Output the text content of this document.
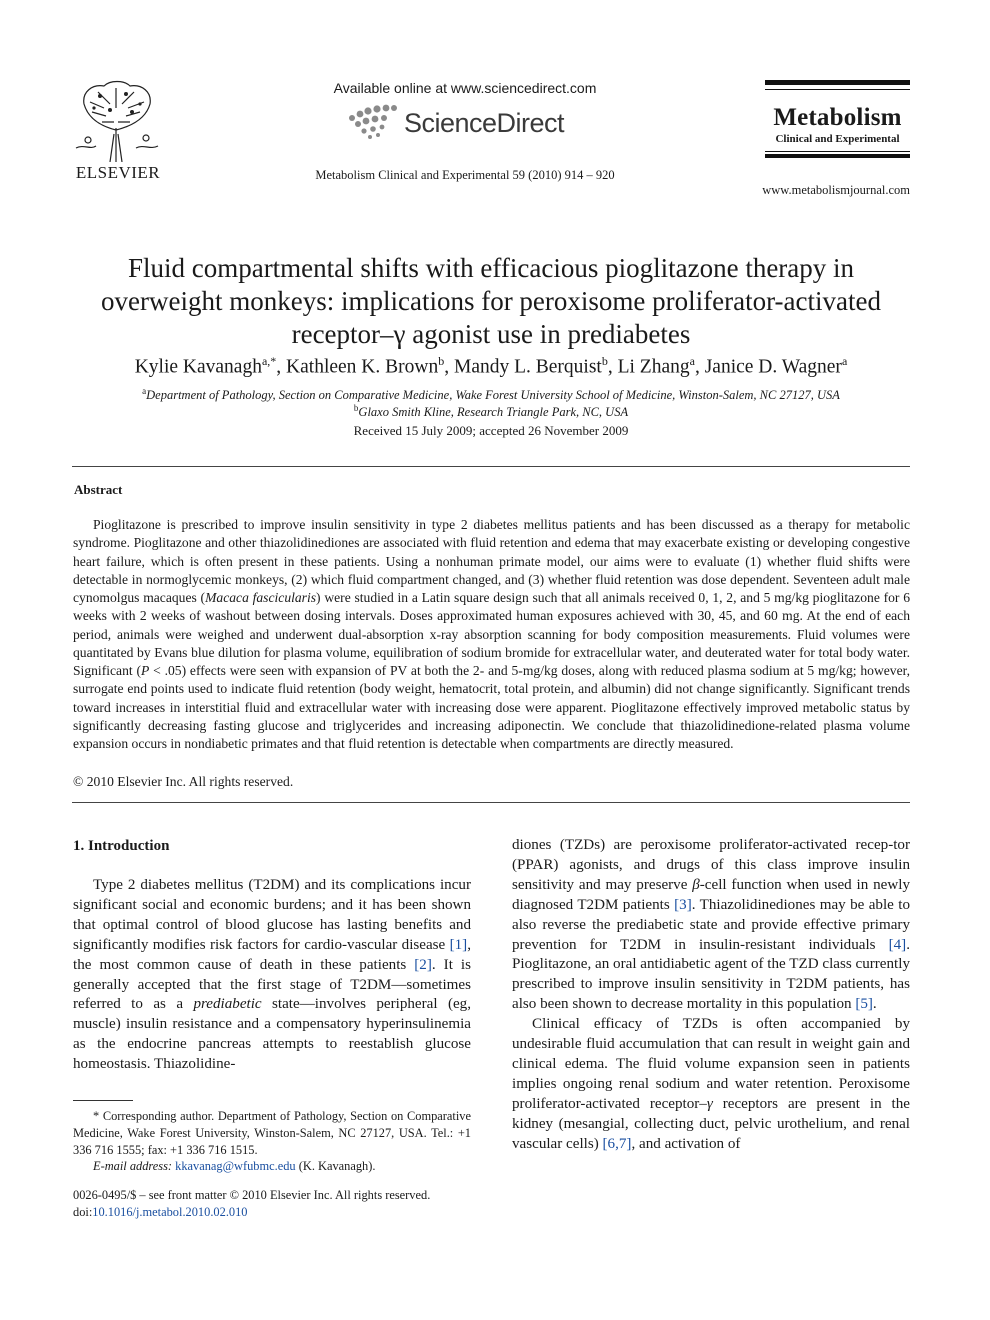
ELSEVIER
Available online at www.sciencedirect.com
ScienceDirect
Metabolism Clinical and Experimental 59 (2010) 914 – 920
Metabolism
Clinical and Experimental
www.metabolismjournal.com
Fluid compartmental shifts with efficacious pioglitazone therapy in
overweight monkeys: implications for peroxisome proliferator-activated
receptor–γ agonist use in prediabetes
Kylie Kavanagh$^{a,*}$, Kathleen K. Brown$^b$, Mandy L. Berquist$^b$, Li Zhang$^a$, Janice D. Wagner$^a$
$^a$Department of Pathology, Section on Comparative Medicine, Wake Forest University School of Medicine, Winston-Salem, NC 27127, USA
$^b$Glaxo Smith Kline, Research Triangle Park, NC, USA
Received 15 July 2009; accepted 26 November 2009
Abstract
Pioglitazone is prescribed to improve insulin sensitivity in type 2 diabetes mellitus patients and has been discussed as a therapy for metabolic syndrome. Pioglitazone and other thiazolidinediones are associated with fluid retention and edema that may exacerbate existing or developing congestive heart failure, which is often present in these patients. Using a nonhuman primate model, our aims were to evaluate (1) whether fluid shifts were detectable in normoglycemic monkeys, (2) which fluid compartment changed, and (3) whether fluid retention was dose dependent. Seventeen adult male cynomolgus macaques (Macaca fascicularis) were studied in a Latin square design such that all animals received 0, 1, 2, and 5 mg/kg pioglitazone for 6 weeks with 2 weeks of washout between dosing intervals. Doses approximated human exposures achieved with 30, 45, and 60 mg. At the end of each period, animals were weighed and underwent dual-absorption x-ray absorption scanning for body composition measurements. Fluid volumes were quantitated by Evans blue dilution for plasma volume, equilibration of sodium bromide for extracellular water, and deuterated water for total body water. Significant (P < .05) effects were seen with expansion of PV at both the 2- and 5-mg/kg doses, along with reduced plasma sodium at 5 mg/kg; however, surrogate end points used to indicate fluid retention (body weight, hematocrit, total protein, and albumin) did not change significantly. Significant trends toward increases in interstitial fluid and extracellular water with increasing dose were apparent. Pioglitazone effectively improved metabolic status by significantly decreasing fasting glucose and triglycerides and increasing adiponectin. We conclude that thiazolidinedione-related plasma volume expansion occurs in nondiabetic primates and that fluid retention is detectable when compartments are directly measured.
© 2010 Elsevier Inc. All rights reserved.
1. Introduction
Type 2 diabetes mellitus (T2DM) and its complications incur significant social and economic burdens; and it has been shown that optimal control of blood glucose has lasting benefits and significantly modifies risk factors for cardio-vascular disease [1], the most common cause of death in these patients [2]. It is generally accepted that the first stage of T2DM—sometimes referred to as a prediabetic state—involves peripheral (eg, muscle) insulin resistance and a compensatory hyperinsulinemia as the endocrine pancreas attempts to reestablish glucose homeostasis. Thiazolidine-
diones (TZDs) are peroxisome proliferator-activated recep-tor (PPAR) agonists, and drugs of this class improve insulin sensitivity and may preserve β-cell function when used in newly diagnosed T2DM patients [3]. Thiazolidinediones may be able to also reverse the prediabetic state and provide effective primary prevention for T2DM in insulin-resistant individuals [4]. Pioglitazone, an oral antidiabetic agent of the TZD class currently prescribed to improve insulin sensitivity in T2DM patients, has also been shown to decrease mortality in this population [5].
Clinical efficacy of TZDs is often accompanied by undesirable fluid accumulation that can result in weight gain and clinical edema. The fluid volume expansion seen in patients implies ongoing renal sodium and water retention. Peroxisome proliferator-activated receptor–γ receptors are present in the kidney (mesangial, collecting duct, pelvic urothelium, and renal vascular cells) [6,7], and activation of
* Corresponding author. Department of Pathology, Section on Comparative Medicine, Wake Forest University, Winston-Salem, NC 27127, USA. Tel.: +1 336 716 1555; fax: +1 336 716 1515.
E-mail address: kkavanag@wfubmc.edu (K. Kavanagh).
0026-0495/$ – see front matter © 2010 Elsevier Inc. All rights reserved.
doi:10.1016/j.metabol.2010.02.010
